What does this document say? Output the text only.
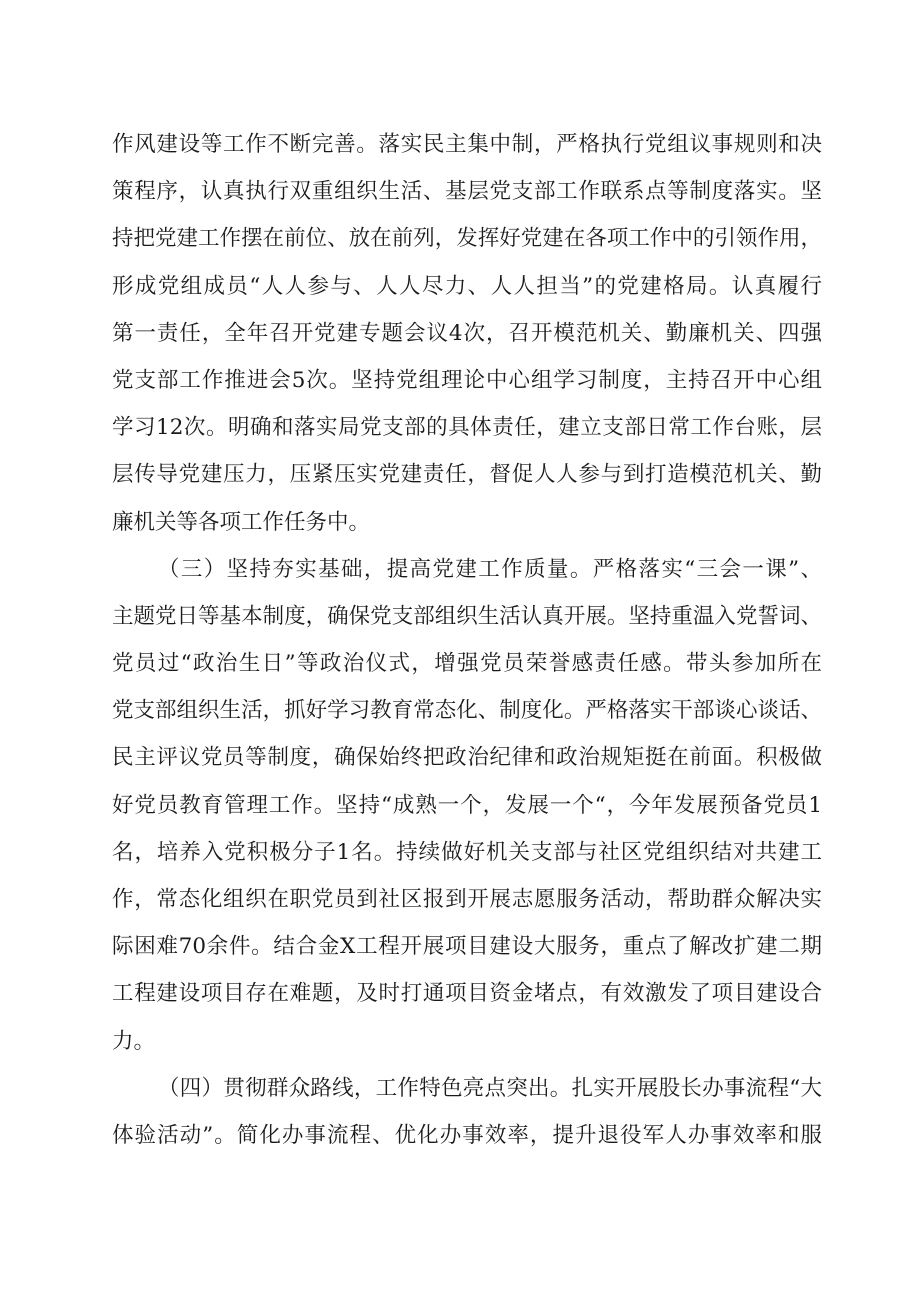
作风建设等工作不断完善。落实民主集中制，严格执行党组议事规则和决
策程序，认真执行双重组织生活、基层党支部工作联系点等制度落实。坚
持把党建工作摆在前位、放在前列，发挥好党建在各项工作中的引领作用，
形成党组成员“人人参与、人人尽力、人人担当”的党建格局。认真履行
第一责任，全年召开党建专题会议4次，召开模范机关、勤廉机关、四强
党支部工作推进会5次。坚持党组理论中心组学习制度，主持召开中心组
学习12次。明确和落实局党支部的具体责任，建立支部日常工作台账，层
层传导党建压力，压紧压实党建责任，督促人人参与到打造模范机关、勤
廉机关等各项工作任务中。
（三）坚持夯实基础，提高党建工作质量。严格落实“三会一课”、
主题党日等基本制度，确保党支部组织生活认真开展。坚持重温入党誓词、
党员过“政治生日”等政治仪式，增强党员荣誉感责任感。带头参加所在
党支部组织生活，抓好学习教育常态化、制度化。严格落实干部谈心谈话、
民主评议党员等制度，确保始终把政治纪律和政治规矩挺在前面。积极做
好党员教育管理工作。坚持“成熟一个，发展一个“，今年发展预备党员1
名，培养入党积极分子1名。持续做好机关支部与社区党组织结对共建工
作，常态化组织在职党员到社区报到开展志愿服务活动，帮助群众解决实
际困难70余件。结合金X工程开展项目建设大服务，重点了解改扩建二期
工程建设项目存在难题，及时打通项目资金堵点，有效激发了项目建设合
力。
（四）贯彻群众路线，工作特色亮点突出。扎实开展股长办事流程“大
体验活动”。简化办事流程、优化办事效率，提升退役军人办事效率和服
